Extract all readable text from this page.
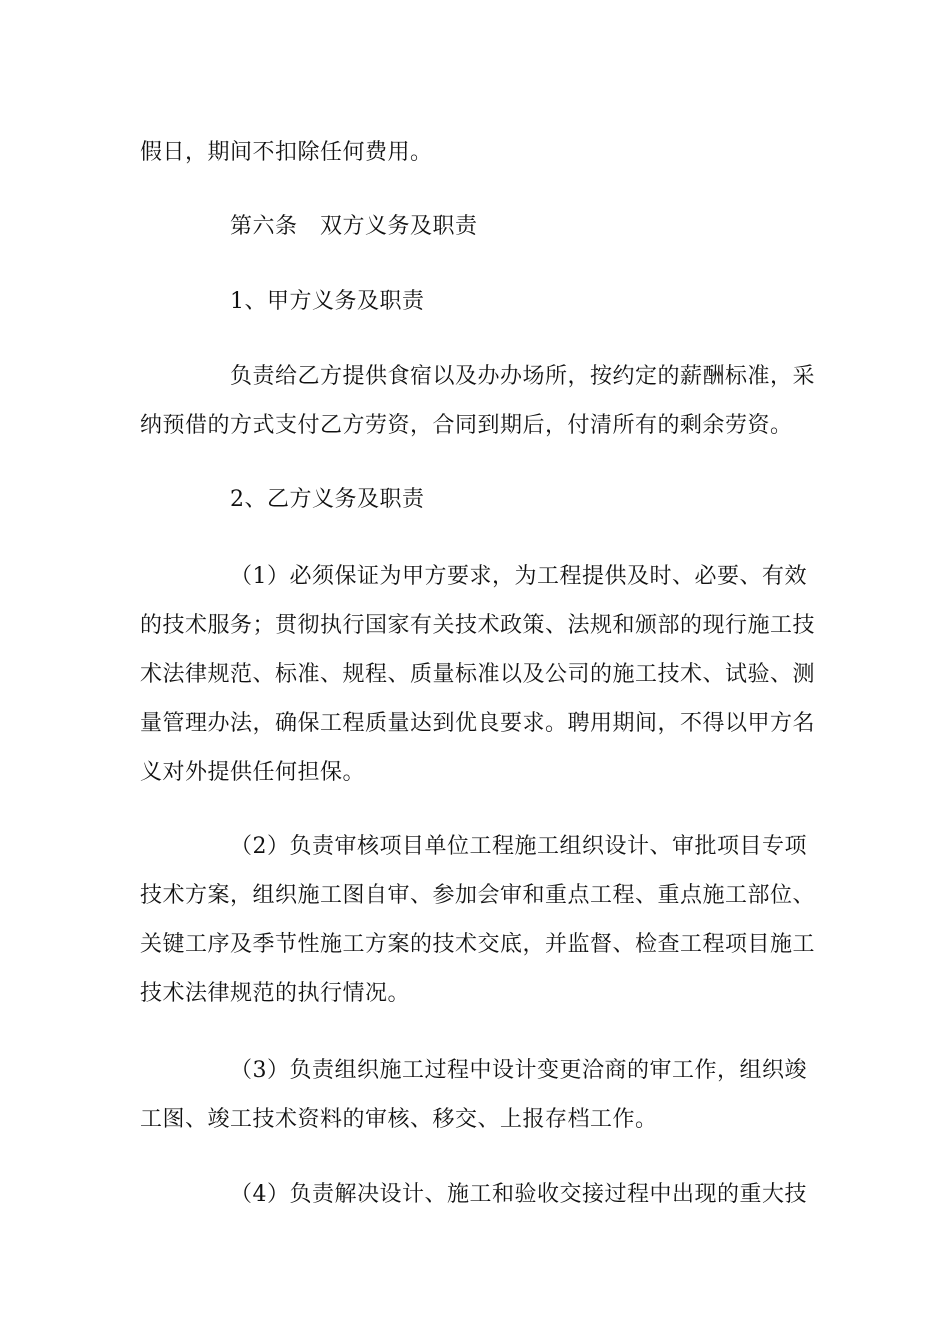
假日，期间不扣除任何费用。

第六条　双方义务及职责

1、甲方义务及职责

负责给乙方提供食宿以及办办场所，按约定的薪酬标准，采
纳预借的方式支付乙方劳资，合同到期后，付清所有的剩余劳资。

2、乙方义务及职责

（1）必须保证为甲方要求，为工程提供及时、必要、有效
的技术服务；贯彻执行国家有关技术政策、法规和颁部的现行施工技
术法律规范、标准、规程、质量标准以及公司的施工技术、试验、测
量管理办法，确保工程质量达到优良要求。聘用期间，不得以甲方名
义对外提供任何担保。

（2）负责审核项目单位工程施工组织设计、审批项目专项
技术方案，组织施工图自审、参加会审和重点工程、重点施工部位、
关键工序及季节性施工方案的技术交底，并监督、检查工程项目施工
技术法律规范的执行情况。

（3）负责组织施工过程中设计变更洽商的审工作，组织竣
工图、竣工技术资料的审核、移交、上报存档工作。

（4）负责解决设计、施工和验收交接过程中出现的重大技
